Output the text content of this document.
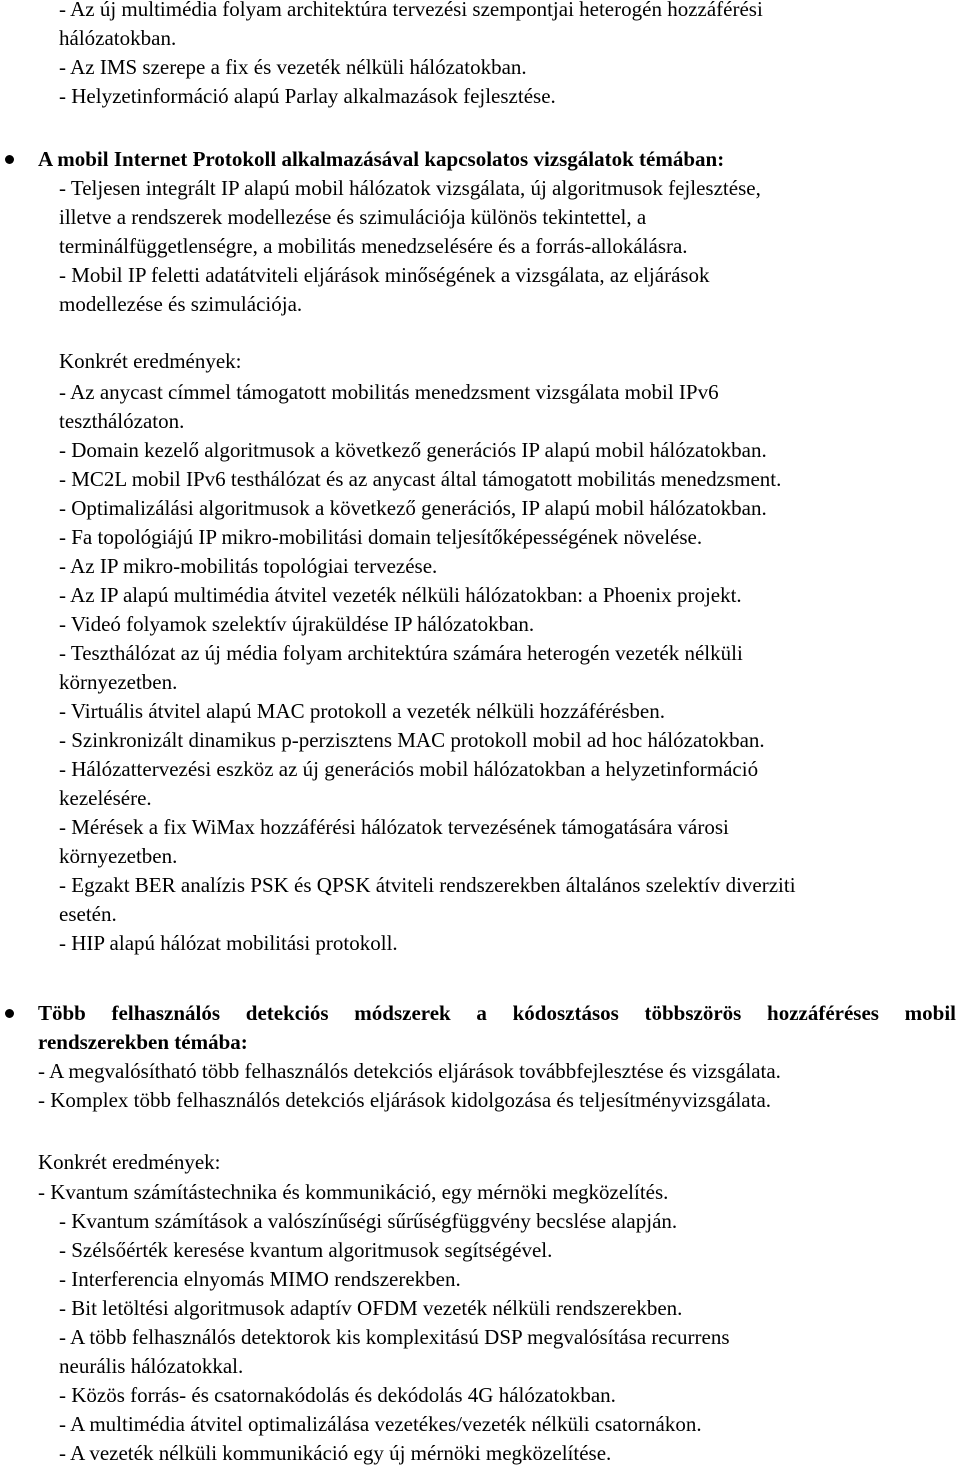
- Az új multimédia folyam architektúra tervezési szempontjai heterogén hozzáférési
hálózatokban.
- Az IMS szerepe a fix és vezeték nélküli hálózatokban.
- Helyzetinformáció alapú Parlay alkalmazások fejlesztése.
A mobil Internet Protokoll alkalmazásával kapcsolatos vizsgálatok témában:
- Teljesen integrált IP alapú mobil hálózatok vizsgálata, új algoritmusok fejlesztése,
illetve a rendszerek modellezése és szimulációja különös tekintettel, a
terminálfüggetlenségre, a mobilitás menedzselésére és a forrás-allokálásra.
- Mobil IP feletti adatátviteli eljárások minőségének a vizsgálata, az eljárások
modellezése és szimulációja.
Konkrét eredmények:
- Az anycast címmel támogatott mobilitás menedzsment vizsgálata mobil IPv6
teszthálózaton.
- Domain kezelő algoritmusok a következő generációs IP alapú mobil hálózatokban.
- MC2L mobil IPv6 testhálózat és az anycast által támogatott mobilitás menedzsment.
- Optimalizálási algoritmusok a következő generációs, IP alapú mobil hálózatokban.
- Fa topológiájú IP mikro-mobilitási domain teljesítőképességének növelése.
- Az IP mikro-mobilitás topológiai tervezése.
- Az IP alapú multimédia átvitel vezeték nélküli hálózatokban: a Phoenix projekt.
- Videó folyamok szelektív újraküldése IP hálózatokban.
- Teszthálózat az új média folyam architektúra számára heterogén vezeték nélküli
környezetben.
- Virtuális átvitel alapú MAC protokoll a vezeték nélküli hozzáférésben.
- Szinkronizált dinamikus p-perzisztens MAC protokoll mobil ad hoc hálózatokban.
- Hálózattervezési eszköz az új generációs mobil hálózatokban a helyzetinformáció
kezelésére.
- Mérések a fix WiMax hozzáférési hálózatok tervezésének támogatására városi
környezetben.
- Egzakt BER analízis PSK és QPSK átviteli rendszerekben általános szelektív diverziti
esetén.
- HIP alapú hálózat mobilitási protokoll.
Több felhasználós detekciós módszerek a kódosztásos többszörös hozzáféréses mobil
rendszerekben témába:
- A megvalósítható több felhasználós detekciós eljárások továbbfejlesztése és vizsgálata.
- Komplex több felhasználós detekciós eljárások kidolgozása és teljesítményvizsgálata.
Konkrét eredmények:
- Kvantum számítástechnika és kommunikáció, egy mérnöki megközelítés.
- Kvantum számítások a valószínűségi sűrűségfüggvény becslése alapján.
- Szélsőérték keresése kvantum algoritmusok segítségével.
- Interferencia elnyomás MIMO rendszerekben.
- Bit letöltési algoritmusok adaptív OFDM vezeték nélküli rendszerekben.
- A több felhasználós detektorok kis komplexitású DSP megvalósítása recurrens
neurális hálózatokkal.
- Közös forrás- és csatornakódolás és dekódolás 4G hálózatokban.
- A multimédia átvitel optimalizálása vezetékes/vezeték nélküli csatornákon.
- A vezeték nélküli kommunikáció egy új mérnöki megközelítése.
